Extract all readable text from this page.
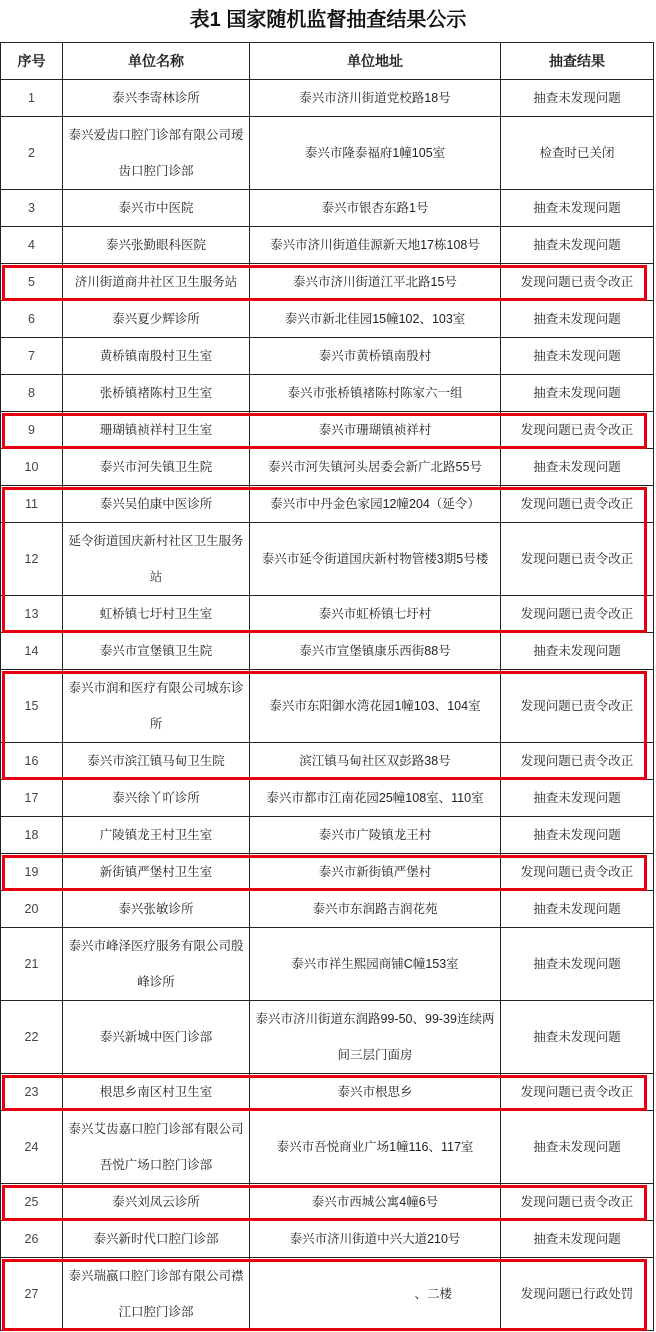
表1 国家随机监督抽查结果公示
序号	单位名称	单位地址	抽查结果
1	泰兴李寄林诊所	泰兴市济川街道党校路18号	抽查未发现问题
2	泰兴爱齿口腔门诊部有限公司瑷齿口腔门诊部	泰兴市隆泰福府1幢105室	检查时已关闭
3	泰兴市中医院	泰兴市银杏东路1号	抽查未发现问题
4	泰兴张勤眼科医院	泰兴市济川街道佳源新天地17栋108号	抽查未发现问题
5	济川街道商井社区卫生服务站	泰兴市济川街道江平北路15号	发现问题已责令改正
6	泰兴夏少辉诊所	泰兴市新北佳园15幢102、103室	抽查未发现问题
7	黄桥镇南殷村卫生室	泰兴市黄桥镇南殷村	抽查未发现问题
8	张桥镇褚陈村卫生室	泰兴市张桥镇褚陈村陈家六一组	抽查未发现问题
9	珊瑚镇祯祥村卫生室	泰兴市珊瑚镇祯祥村	发现问题已责令改正
10	泰兴市河失镇卫生院	泰兴市河失镇河头居委会新广北路55号	抽查未发现问题
11	泰兴吴伯康中医诊所	泰兴市中丹金色家园12幢204（延令）	发现问题已责令改正
12	延令街道国庆新村社区卫生服务站	泰兴市延令街道国庆新村物管楼3期5号楼	发现问题已责令改正
13	虹桥镇七圩村卫生室	泰兴市虹桥镇七圩村	发现问题已责令改正
14	泰兴市宣堡镇卫生院	泰兴市宣堡镇康乐西街88号	抽查未发现问题
15	泰兴市润和医疗有限公司城东诊所	泰兴市东阳御水湾花园1幢103、104室	发现问题已责令改正
16	泰兴市滨江镇马甸卫生院	滨江镇马甸社区双彭路38号	发现问题已责令改正
17	泰兴徐丫吖诊所	泰兴市都市江南花园25幢108室、110室	抽查未发现问题
18	广陵镇龙王村卫生室	泰兴市广陵镇龙王村	抽查未发现问题
19	新街镇严堡村卫生室	泰兴市新街镇严堡村	发现问题已责令改正
20	泰兴张敏诊所	泰兴市东润路吉润花苑	抽查未发现问题
21	泰兴市峰泽医疗服务有限公司殷峰诊所	泰兴市祥生熙园商铺C幢153室	抽查未发现问题
22	泰兴新城中医门诊部	泰兴市济川街道东润路99-50、99-39连续两间三层门面房	抽查未发现问题
23	根思乡南区村卫生室	泰兴市根思乡	发现问题已责令改正
24	泰兴艾齿嘉口腔门诊部有限公司吾悦广场口腔门诊部	泰兴市吾悦商业广场1幢116、117室	抽查未发现问题
25	泰兴刘凤云诊所	泰兴市西城公寓4幢6号	发现问题已责令改正
26	泰兴新时代口腔门诊部	泰兴市济川街道中兴大道210号	抽查未发现问题
27	泰兴瑞嬴口腔门诊部有限公司襟江口腔门诊部	、二楼	发现问题已行政处罚
